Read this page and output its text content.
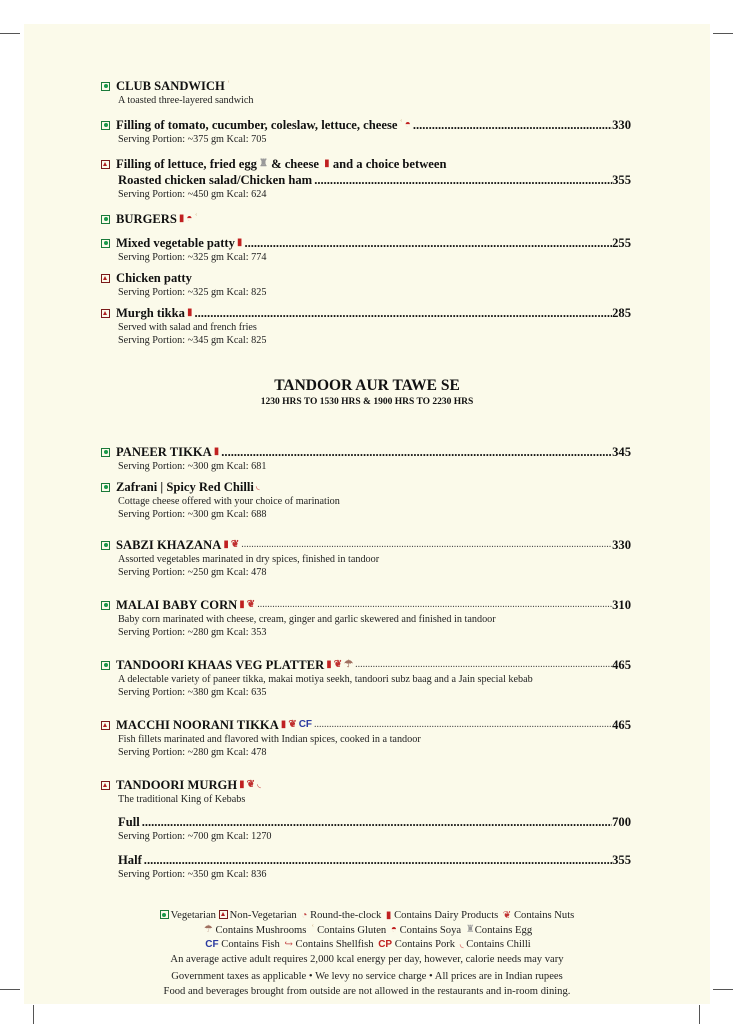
CLUB SANDWICH ʿ
A toasted three-layered sandwich
Filling of tomato, cucumber, coleslaw, lettuce, cheese ʿ ◓ .....	330
Serving Portion: ~375 gm Kcal: 705
Filling of lettuce, fried egg ♜
& cheese
▮
and a choice between
Roasted chicken salad/Chicken ham .....	355
Serving Portion: ~450 gm Kcal: 624
BURGERS ▮ ◓ ʿ
Mixed vegetable patty ▮ .....	255
Serving Portion: ~325 gm Kcal: 774
Chicken patty
Serving Portion: ~325 gm Kcal: 825
Murgh tikka ▮ .....	285
Served with salad and french fries
Serving Portion: ~345 gm Kcal: 825
TANDOOR AUR TAWE SE
1230 HRS TO 1530 HRS & 1900 HRS TO 2230 HRS
PANEER TIKKA ▮ .....	345
Serving Portion: ~300 gm Kcal: 681
Zafrani | Spicy Red Chilli ◟
Cottage cheese offered with your choice of marination
Serving Portion: ~300 gm Kcal: 688
SABZI KHAZANA ▮ ❦ .....	330
Assorted vegetables marinated in dry spices, finished in tandoor
Serving Portion: ~250 gm Kcal: 478
MALAI BABY CORN ▮ ❦ .....	310
Baby corn marinated with cheese, cream, ginger and garlic skewered and finished in tandoor
Serving Portion: ~280 gm Kcal: 353
TANDOORI KHAAS VEG PLATTER ▮ ❦ ☂ .....	465
A delectable variety of paneer tikka, makai motiya seekh, tandoori subz baag and a Jain special kebab
Serving Portion: ~380 gm Kcal: 635
MACCHI NOORANI TIKKA ▮ ❦ CF .....	465
Fish fillets marinated and flavored with Indian spices, cooked in a tandoor
Serving Portion: ~280 gm Kcal: 478
TANDOORI MURGH ▮ ❦ ◟
The traditional King of Kebabs
Full .....	700
Serving Portion: ~700 gm Kcal: 1270
Half .....	355
Serving Portion: ~350 gm Kcal: 836
Vegetarian Non-Vegetarian ◔ Round-the-clock ▮ Contains Dairy Products ❦ Contains Nuts
☂ Contains Mushrooms ʿ Contains Gluten ◓ Contains Soya ♜Contains Egg
CF Contains Fish ↪ Contains Shellfish CP Contains Pork ◟ Contains Chilli
An average active adult requires 2,000 kcal energy per day, however, calorie needs may vary
Government taxes as applicable • We levy no service charge • All prices are in Indian rupees
Food and beverages brought from outside are not allowed in the restaurants and in-room dining.
